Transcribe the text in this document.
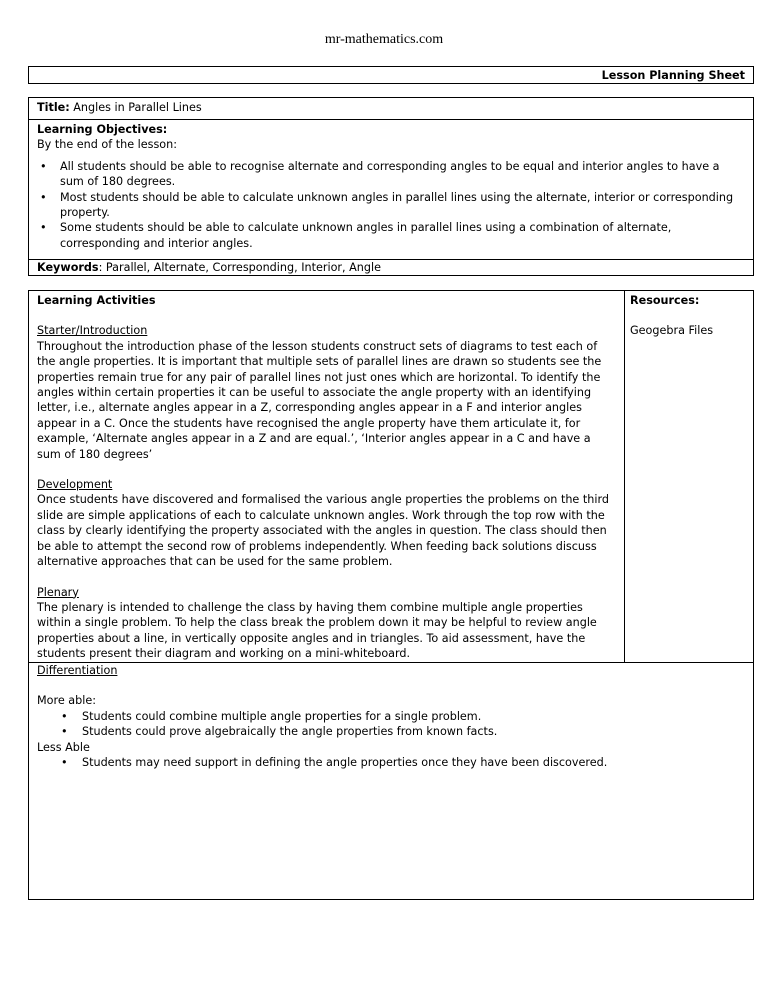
mr-mathematics.com
Lesson Planning Sheet
Title: Angles in Parallel Lines
Learning Objectives:
By the end of the lesson:
• All students should be able to recognise alternate and corresponding angles to be equal and interior angles to have a sum of 180 degrees.
• Most students should be able to calculate unknown angles in parallel lines using the alternate, interior or corresponding property.
• Some students should be able to calculate unknown angles in parallel lines using a combination of alternate, corresponding and interior angles.
Keywords: Parallel, Alternate, Corresponding, Interior, Angle

Learning Activities

Starter/Introduction

Throughout the introduction phase of the lesson students construct sets of diagrams to test each of the angle properties. It is important that multiple sets of parallel lines are drawn so students see the properties remain true for any pair of parallel lines not just ones which are horizontal. To identify the angles within certain properties it can be useful to associate the angle property with an identifying letter, i.e., alternate angles appear in a Z, corresponding angles appear in a F and interior angles appear in a C. Once the students have recognised the angle property have them articulate it, for example, ‘Alternate angles appear in a Z and are equal.’, ‘Interior angles appear in a C and have a sum of 180 degrees’

Development

Once students have discovered and formalised the various angle properties the problems on the third slide are simple applications of each to calculate unknown angles. Work through the top row with the class by clearly identifying the property associated with the angles in question. The class should then be able to attempt the second row of problems independently. When feeding back solutions discuss alternative approaches that can be used for the same problem.

Plenary

The plenary is intended to challenge the class by having them combine multiple angle properties within a single problem. To help the class break the problem down it may be helpful to review angle properties about a line, in vertically opposite angles and in triangles. To aid assessment, have the students present their diagram and working on a mini-whiteboard.

Resources:

Geogebra Files

Differentiation

More able:

• Students could combine multiple angle properties for a single problem.
• Students could prove algebraically the angle properties from known facts.

Less Able

• Students may need support in defining the angle properties once they have been discovered.
